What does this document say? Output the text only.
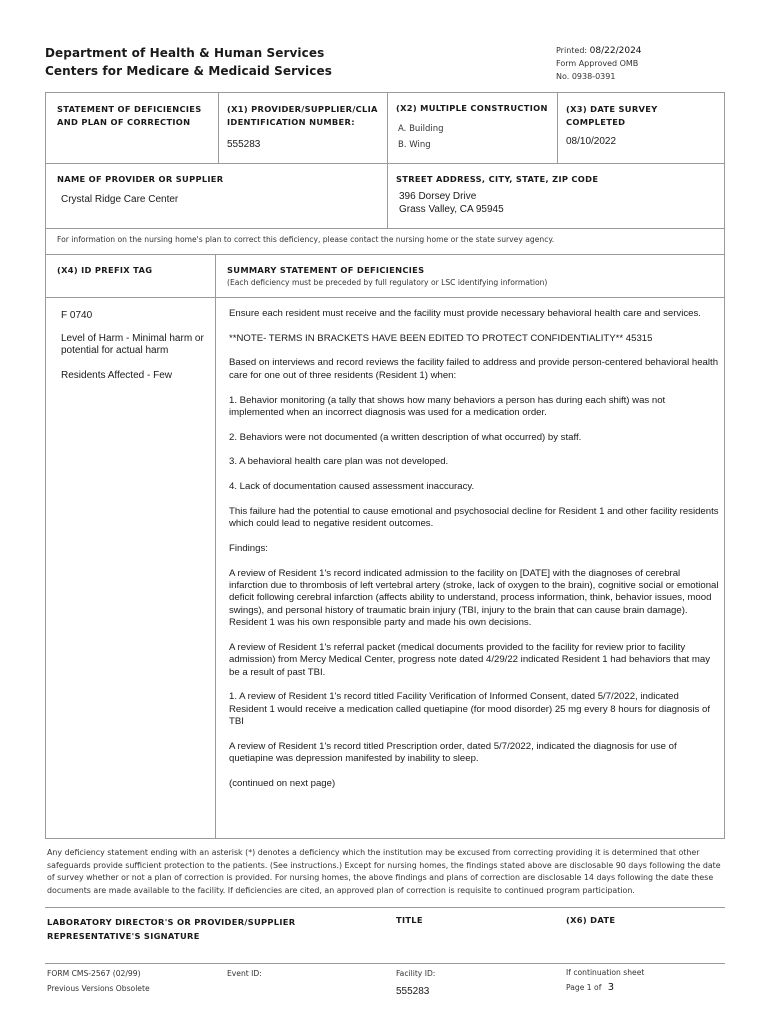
Department of Health & Human Services
Centers for Medicare & Medicaid Services
Printed: 08/22/2024
Form Approved OMB
No. 0938-0391
STATEMENT OF DEFICIENCIES AND PLAN OF CORRECTION
(X1) PROVIDER/SUPPLIER/CLIA IDENTIFICATION NUMBER:
555283
(X2) MULTIPLE CONSTRUCTION
A. Building
B. Wing
(X3) DATE SURVEY COMPLETED
08/10/2022
NAME OF PROVIDER OR SUPPLIER
Crystal Ridge Care Center
STREET ADDRESS, CITY, STATE, ZIP CODE
396 Dorsey Drive
Grass Valley, CA 95945
For information on the nursing home's plan to correct this deficiency, please contact the nursing home or the state survey agency.
(X4) ID PREFIX TAG	SUMMARY STATEMENT OF DEFICIENCIES
(Each deficiency must be preceded by full regulatory or LSC identifying information)
F 0740
Level of Harm - Minimal harm or potential for actual harm
Residents Affected - Few

Ensure each resident must receive and the facility must provide necessary behavioral health care and services.

**NOTE- TERMS IN BRACKETS HAVE BEEN EDITED TO PROTECT CONFIDENTIALITY** 45315

Based on interviews and record reviews the facility failed to address and provide person-centered behavioral health care for one out of three residents (Resident 1) when:

1. Behavior monitoring (a tally that shows how many behaviors a person has during each shift) was not implemented when an incorrect diagnosis was used for a medication order.

2. Behaviors were not documented (a written description of what occurred) by staff.

3. A behavioral health care plan was not developed.

4. Lack of documentation caused assessment inaccuracy.

This failure had the potential to cause emotional and psychosocial decline for Resident 1 and other facility residents which could lead to negative resident outcomes.

Findings:

A review of Resident 1's record indicated admission to the facility on [DATE] with the diagnoses of cerebral infarction due to thrombosis of left vertebral artery (stroke, lack of oxygen to the brain), cognitive social or emotional deficit following cerebral infarction (affects ability to understand, process information, think, behavior issues, mood swings), and personal history of traumatic brain injury (TBI, injury to the brain that can cause brain damage). Resident 1 was his own responsible party and made his own decisions.

A review of Resident 1's referral packet (medical documents provided to the facility for review prior to facility admission) from Mercy Medical Center, progress note dated 4/29/22 indicated Resident 1 had behaviors that may be a result of past TBI.

1. A review of Resident 1's record titled Facility Verification of Informed Consent, dated 5/7/2022, indicated Resident 1 would receive a medication called quetiapine (for mood disorder) 25 mg every 8 hours for diagnosis of TBI

A review of Resident 1's record titled Prescription order, dated 5/7/2022, indicated the diagnosis for use of quetiapine was depression manifested by inability to sleep.

(continued on next page)

Any deficiency statement ending with an asterisk (*) denotes a deficiency which the institution may be excused from correcting providing it is determined that other safeguards provide sufficient protection to the patients. (See instructions.) Except for nursing homes, the findings stated above are disclosable 90 days following the date of survey whether or not a plan of correction is provided. For nursing homes, the above findings and plans of correction are disclosable 14 days following the date these documents are made available to the facility. If deficiencies are cited, an approved plan of correction is requisite to continued program participation.
LABORATORY DIRECTOR'S OR PROVIDER/SUPPLIER REPRESENTATIVE'S SIGNATURE
TITLE	(X6) DATE
FORM CMS-2567 (02/99)
Previous Versions Obsolete
Event ID:	Facility ID:
555283
If continuation sheet
Page 1 of 3
